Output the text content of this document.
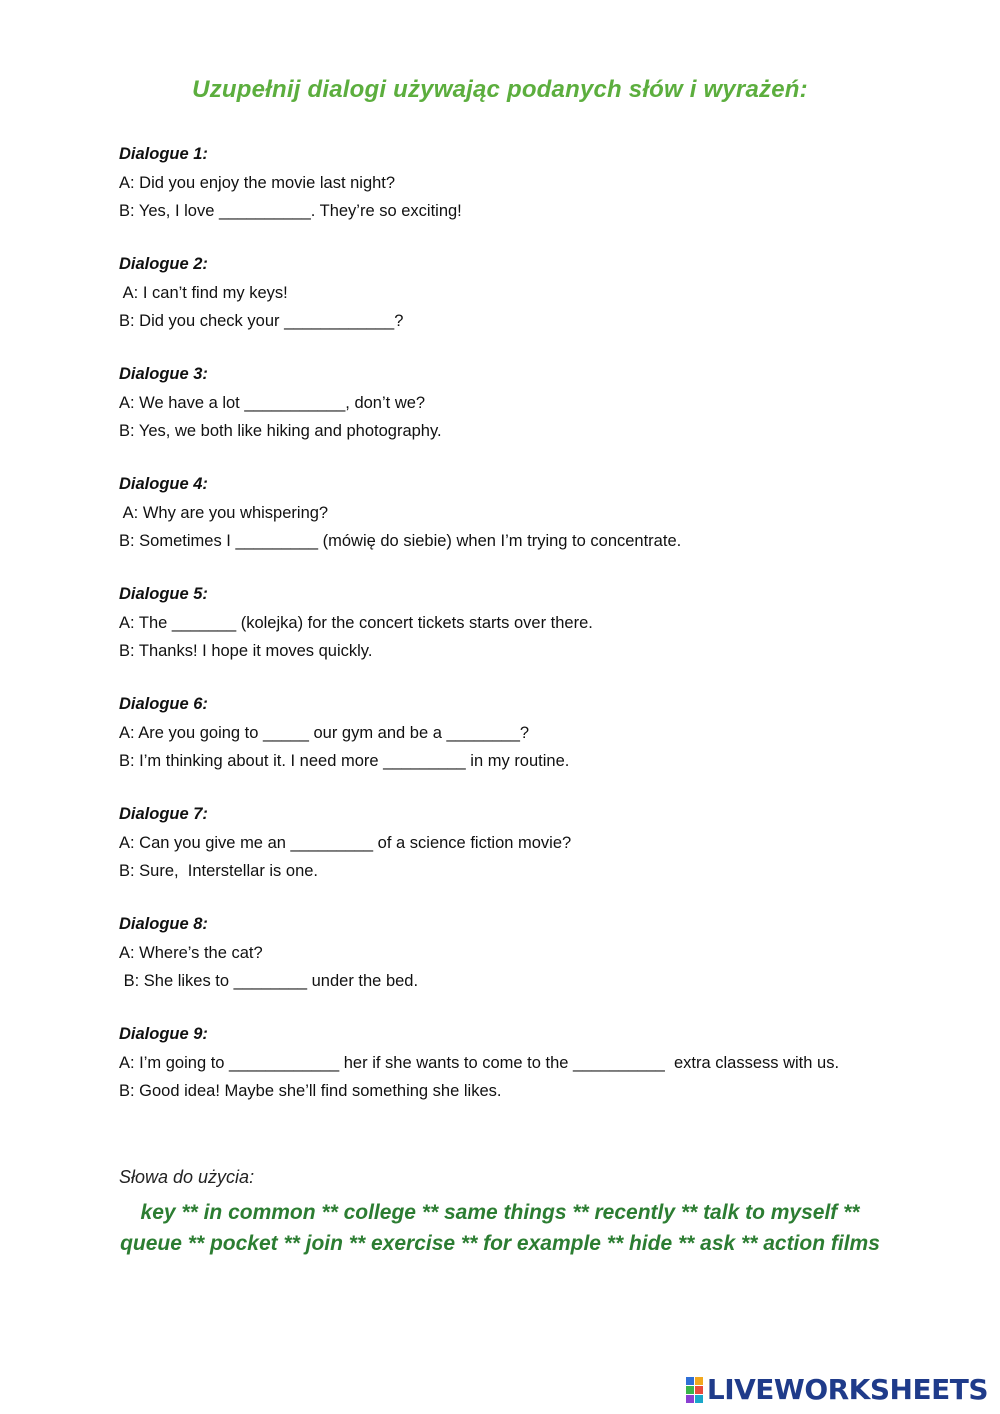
Uzupełnij dialogi używając podanych słów i wyrażeń:
Dialogue 1:
A: Did you enjoy the movie last night?
B: Yes, I love __________. They’re so exciting!
Dialogue 2:
A: I can’t find my keys!
B: Did you check your ____________?
Dialogue 3:
A: We have a lot ___________, don’t we?
B: Yes, we both like hiking and photography.
Dialogue 4:
A: Why are you whispering?
B: Sometimes I _________ (mówię do siebie) when I’m trying to concentrate.
Dialogue 5:
A: The _______ (kolejka) for the concert tickets starts over there.
B: Thanks! I hope it moves quickly.
Dialogue 6:
A: Are you going to _____ our gym and be a ________?
B: I’m thinking about it. I need more _________ in my routine.
Dialogue 7:
A: Can you give me an _________ of a science fiction movie?
B: Sure,  Interstellar is one.
Dialogue 8:
A: Where’s the cat?
B: She likes to ________ under the bed.
Dialogue 9:
A: I’m going to ____________ her if she wants to come to the __________  extra classess with us.
B: Good idea! Maybe she’ll find something she likes.
Słowa do użycia:
key ** in common ** college ** same things ** recently ** talk to myself ** queue ** pocket ** join ** exercise ** for example ** hide ** ask ** action films
LIVEWORKSHEETS
